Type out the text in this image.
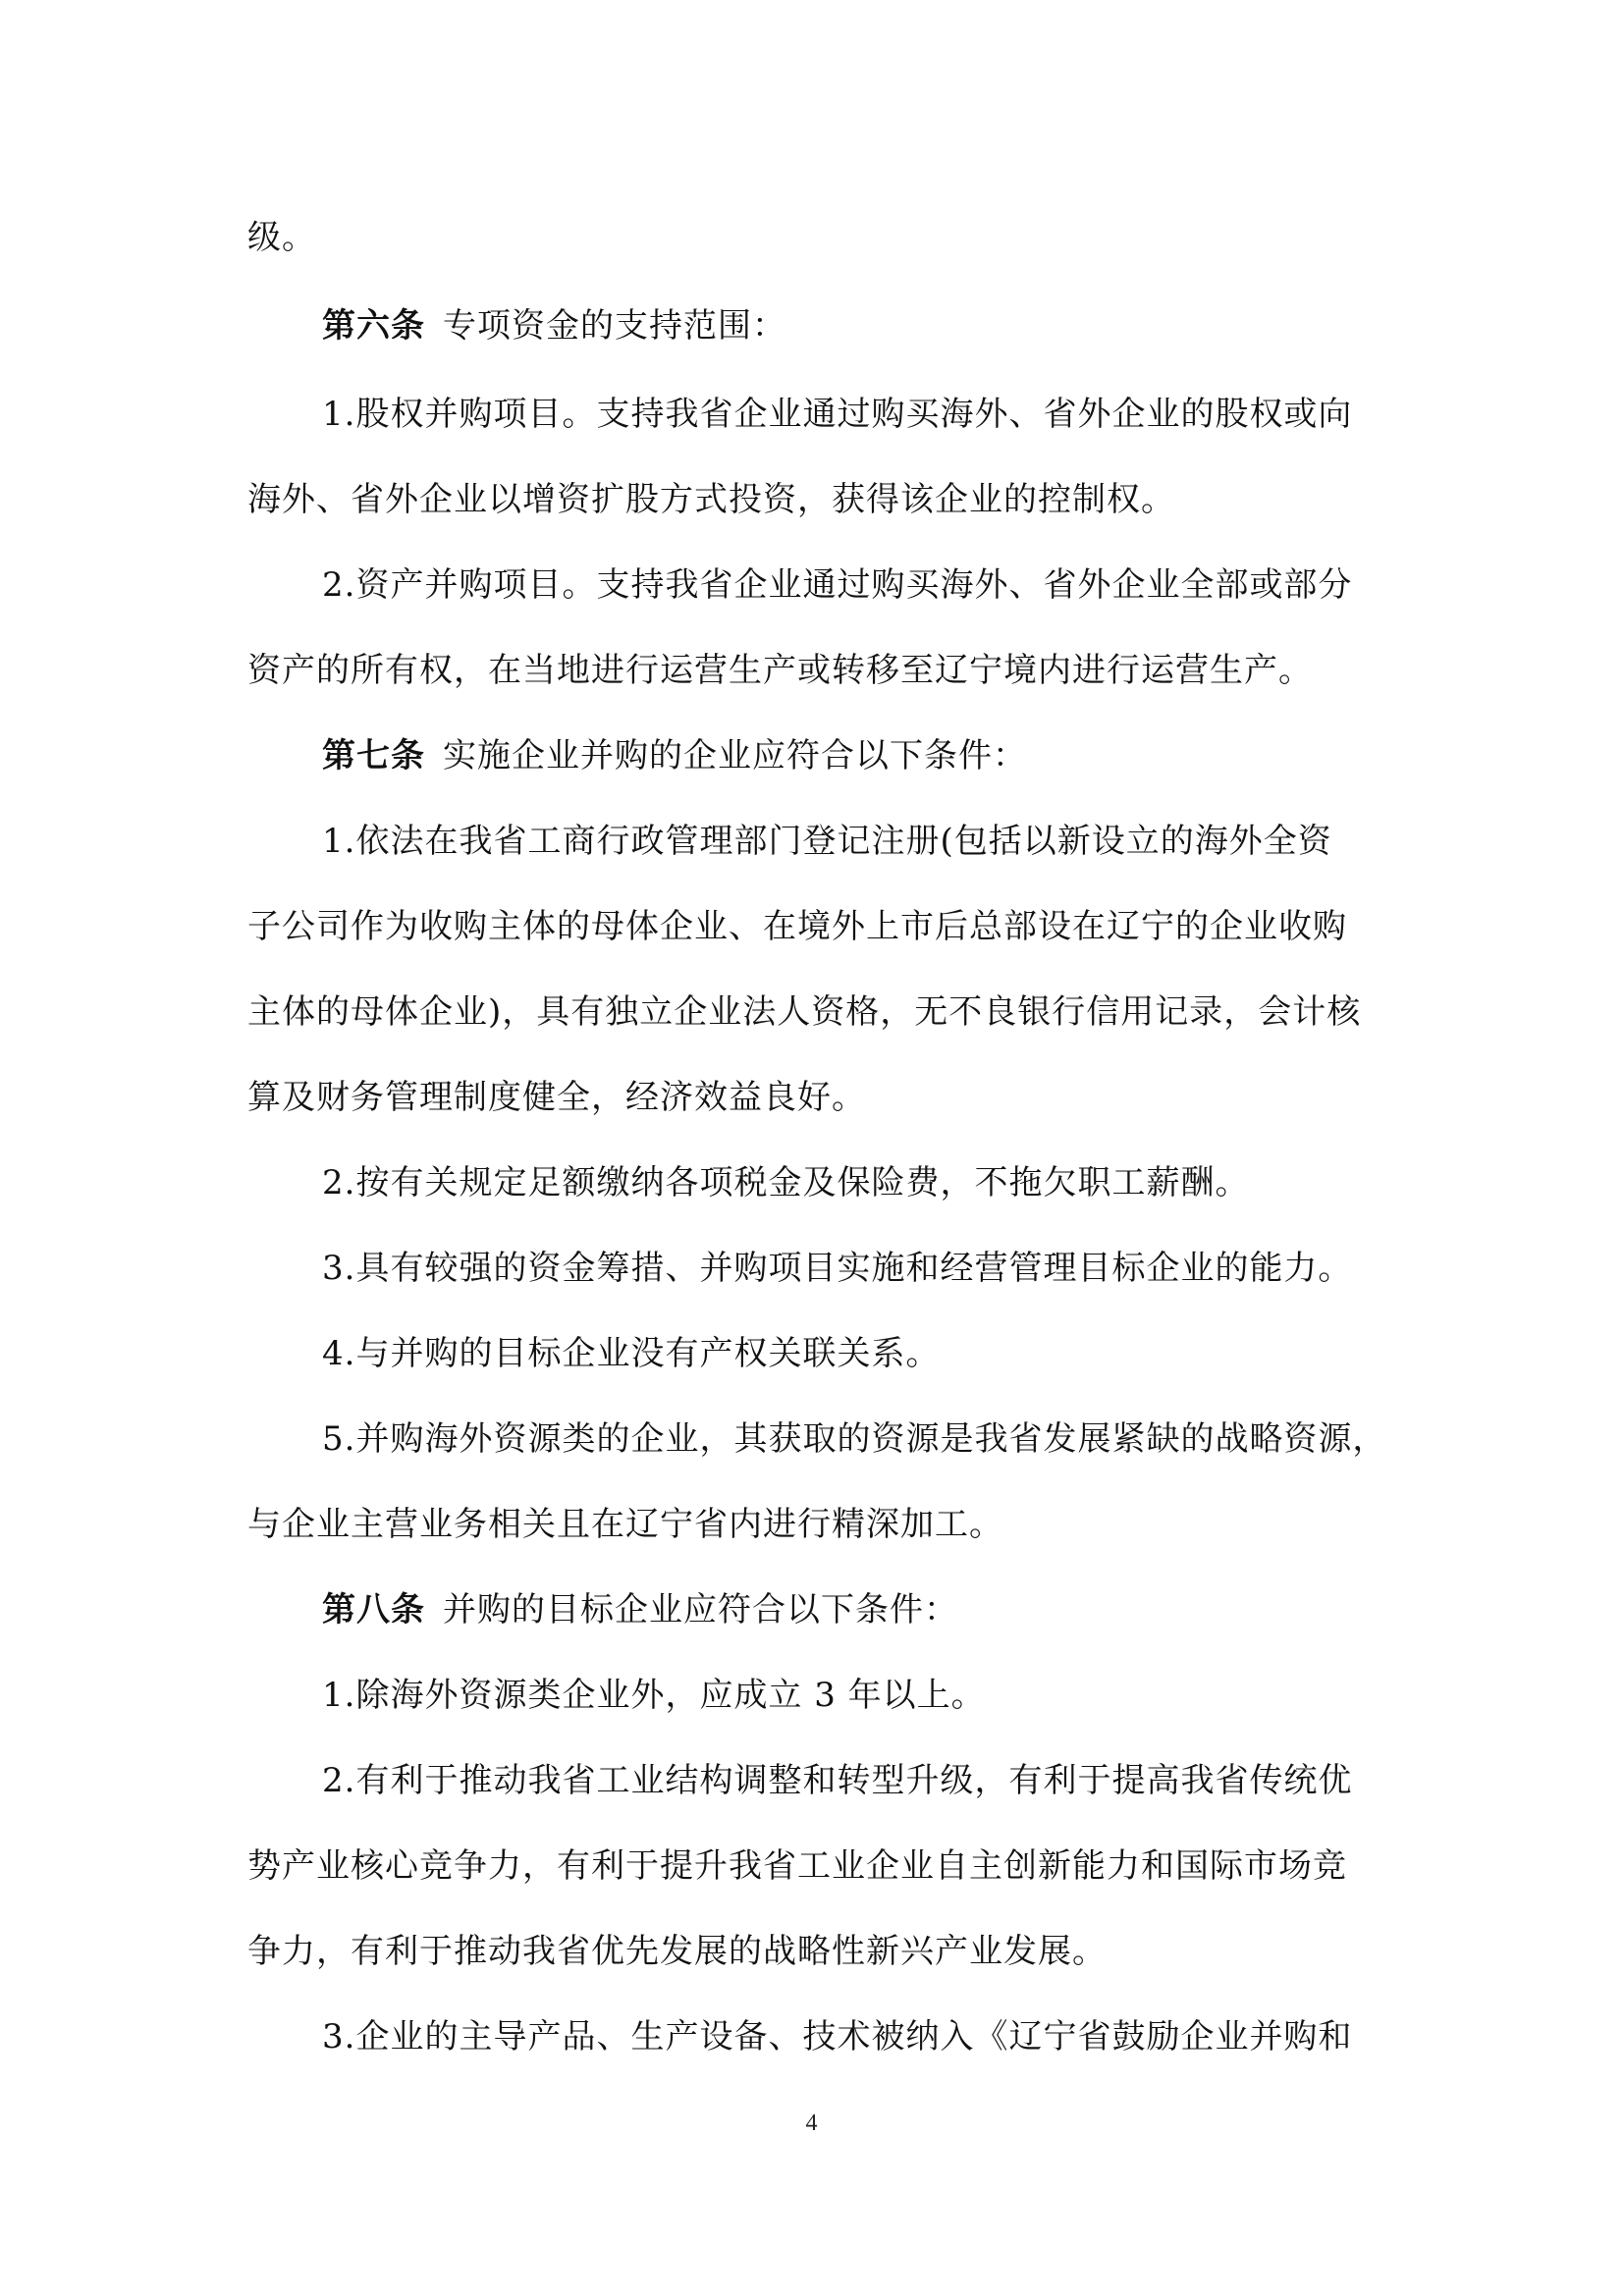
级。
第六条 专项资金的支持范围：
1.股权并购项目。支持我省企业通过购买海外、省外企业的股权或向
海外、省外企业以增资扩股方式投资，获得该企业的控制权。
2.资产并购项目。支持我省企业通过购买海外、省外企业全部或部分
资产的所有权，在当地进行运营生产或转移至辽宁境内进行运营生产。
第七条 实施企业并购的企业应符合以下条件：
1.依法在我省工商行政管理部门登记注册(包括以新设立的海外全资
子公司作为收购主体的母体企业、在境外上市后总部设在辽宁的企业收购
主体的母体企业)，具有独立企业法人资格，无不良银行信用记录，会计核
算及财务管理制度健全，经济效益良好。
2.按有关规定足额缴纳各项税金及保险费，不拖欠职工薪酬。
3.具有较强的资金筹措、并购项目实施和经营管理目标企业的能力。
4.与并购的目标企业没有产权关联关系。
5.并购海外资源类的企业，其获取的资源是我省发展紧缺的战略资源，
与企业主营业务相关且在辽宁省内进行精深加工。
第八条 并购的目标企业应符合以下条件：
1.除海外资源类企业外，应成立 3 年以上。
2.有利于推动我省工业结构调整和转型升级，有利于提高我省传统优
势产业核心竞争力，有利于提升我省工业企业自主创新能力和国际市场竞
争力，有利于推动我省优先发展的战略性新兴产业发展。
3.企业的主导产品、生产设备、技术被纳入《辽宁省鼓励企业并购和
4
